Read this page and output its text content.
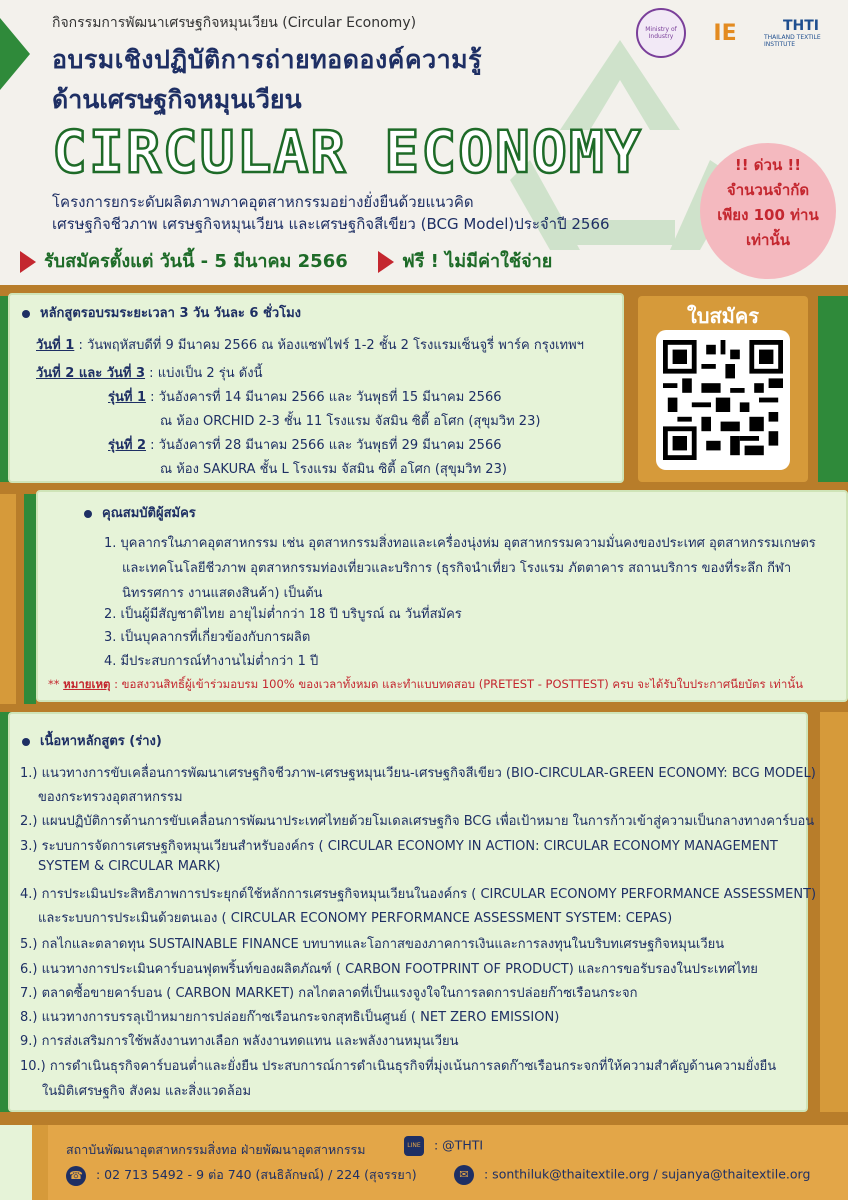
กิจกรรมการพัฒนาเศรษฐกิจหมุนเวียน (Circular Economy)
อบรมเชิงปฏิบัติการถ่ายทอดองค์ความรู้
ด้านเศรษฐกิจหมุนเวียน
CIRCULAR ECONOMY
โครงการยกระดับผลิตภาพภาคอุตสาหกรรมอย่างยั่งยืนด้วยแนวคิด
เศรษฐกิจชีวภาพ เศรษฐกิจหมุนเวียน และเศรษฐกิจสีเขียว (BCG Model)ประจำปี 2566
รับสมัครตั้งแต่ วันนี้ - 5 มีนาคม 2566	ฟรี ! ไม่มีค่าใช้จ่าย
Ministry of Industry	IE	THTI
THAILAND TEXTILE INSTITUTE
!! ด่วน !!
จำนวนจำกัด
เพียง 100 ท่าน
เท่านั้น
หลักสูตรอบรมระยะเวลา 3 วัน วันละ 6 ชั่วโมง
วันที่ 1 : วันพฤหัสบดีที่ 9 มีนาคม 2566 ณ ห้องแซฟไฟร์ 1-2 ชั้น 2 โรงแรมเซ็นจูรี่ พาร์ค กรุงเทพฯ
วันที่ 2 และ วันที่ 3 : แบ่งเป็น 2 รุ่น ดังนี้
รุ่นที่ 1 : วันอังคารที่ 14 มีนาคม 2566 และ วันพุธที่ 15 มีนาคม 2566
ณ ห้อง ORCHID 2-3 ชั้น 11 โรงแรม จัสมิน ซิตี้ อโศก (สุขุมวิท 23)
รุ่นที่ 2 : วันอังคารที่ 28 มีนาคม 2566 และ วันพุธที่ 29 มีนาคม 2566
ณ ห้อง SAKURA ชั้น L โรงแรม จัสมิน ซิตี้ อโศก (สุขุมวิท 23)
ใบสมัคร
คุณสมบัติผู้สมัคร
1. บุคลากรในภาคอุตสาหกรรม เช่น อุตสาหกรรมสิ่งทอและเครื่องนุ่งห่ม อุตสาหกรรมความมั่นคงของประเทศ อุตสาหกรรมเกษตร
และเทคโนโลยีชีวภาพ อุตสาหกรรมท่องเที่ยวและบริการ (ธุรกิจนำเที่ยว โรงแรม ภัตตาคาร สถานบริการ ของที่ระลึก กีฬา
นิทรรศการ งานแสดงสินค้า) เป็นต้น
2. เป็นผู้มีสัญชาติไทย อายุไม่ต่ำกว่า 18 ปี บริบูรณ์ ณ วันที่สมัคร
3. เป็นบุคลากรที่เกี่ยวข้องกับการผลิต
4. มีประสบการณ์ทำงานไม่ต่ำกว่า 1 ปี
** หมายเหตุ : ขอสงวนสิทธิ์ผู้เข้าร่วมอบรม 100% ของเวลาทั้งหมด และทำแบบทดสอบ (PRETEST - POSTTEST) ครบ จะได้รับใบประกาศนียบัตร เท่านั้น
เนื้อหาหลักสูตร (ร่าง)
1.) แนวทางการขับเคลื่อนการพัฒนาเศรษฐกิจชีวภาพ-เศรษฐหมุนเวียน-เศรษฐกิจสีเขียว (BIO-CIRCULAR-GREEN ECONOMY: BCG MODEL)
ของกระทรวงอุตสาหกรรม
2.) แผนปฏิบัติการด้านการขับเคลื่อนการพัฒนาประเทศไทยด้วยโมเดลเศรษฐกิจ BCG เพื่อเป้าหมาย ในการก้าวเข้าสู่ความเป็นกลางทางคาร์บอน
3.) ระบบการจัดการเศรษฐกิจหมุนเวียนสำหรับองค์กร ( CIRCULAR ECONOMY IN ACTION: CIRCULAR ECONOMY MANAGEMENT
SYSTEM & CIRCULAR MARK)
4.) การประเมินประสิทธิภาพการประยุกต์ใช้หลักการเศรษฐกิจหมุนเวียนในองค์กร ( CIRCULAR ECONOMY PERFORMANCE ASSESSMENT)
และระบบการประเมินด้วยตนเอง ( CIRCULAR ECONOMY PERFORMANCE ASSESSMENT SYSTEM: CEPAS)
5.) กลไกและตลาดทุน SUSTAINABLE FINANCE บทบาทและโอกาสของภาคการเงินและการลงทุนในบริบทเศรษฐกิจหมุนเวียน
6.) แนวทางการประเมินคาร์บอนฟุตพริ้นท์ของผลิตภัณฑ์ ( CARBON FOOTPRINT OF PRODUCT) และการขอรับรองในประเทศไทย
7.) ตลาดซื้อขายคาร์บอน ( CARBON MARKET) กลไกตลาดที่เป็นแรงจูงใจในการลดการปล่อยก๊าซเรือนกระจก
8.) แนวทางการบรรลุเป้าหมายการปล่อยก๊าซเรือนกระจกสุทธิเป็นศูนย์ ( NET ZERO EMISSION)
9.) การส่งเสริมการใช้พลังงานทางเลือก พลังงานทดแทน และพลังงานหมุนเวียน
10.) การดำเนินธุรกิจคาร์บอนต่ำและยั่งยืน ประสบการณ์การดำเนินธุรกิจที่มุ่งเน้นการลดก๊าซเรือนกระจกที่ให้ความสำคัญด้านความยั่งยืน
ในมิติเศรษฐกิจ สังคม และสิ่งแวดล้อม
สถาบันพัฒนาอุตสาหกรรมสิ่งทอ ฝ่ายพัฒนาอุตสาหกรรม	LINE : @THTI
☎ : 02 713 5492 - 9 ต่อ 740 (สนธิลักษณ์) / 224 (สุจรรยา)	✉ : sonthiluk@thaitextile.org / sujanya@thaitextile.org
